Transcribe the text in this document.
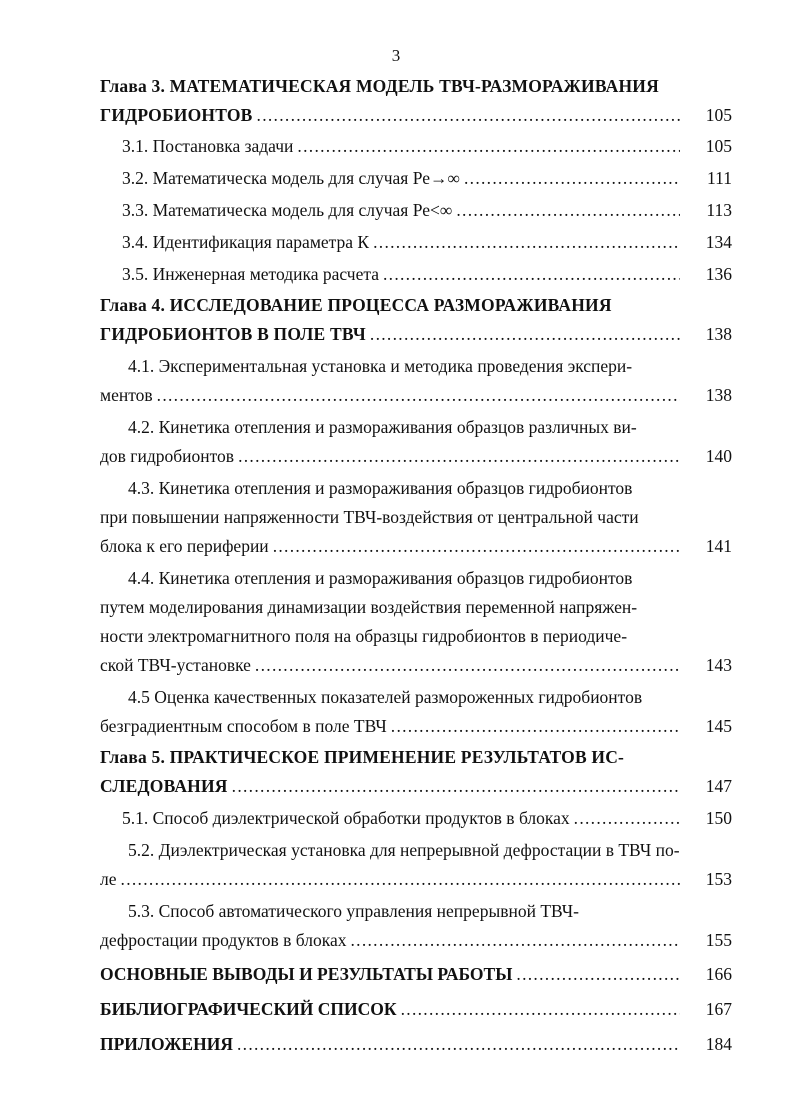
3
Глава 3. МАТЕМАТИЧЕСКАЯ МОДЕЛЬ ТВЧ-РАЗМОРАЖИВАНИЯ
ГИДРОБИОНТОВ .....	105
3.1. Постановка задачи .....	105
3.2. Математическа модель для случая Ре→∞ .....	111
3.3. Математическа модель для случая Ре<∞ .....	113
3.4. Идентификация параметра К .....	134
3.5. Инженерная методика расчета .....	136
Глава 4. ИССЛЕДОВАНИЕ ПРОЦЕССА РАЗМОРАЖИВАНИЯ
ГИДРОБИОНТОВ В ПОЛЕ ТВЧ .....	138
4.1. Экспериментальная установка и методика проведения экспери-
ментов .....	138
4.2. Кинетика отепления и размораживания образцов различных ви-
дов гидробионтов .....	140
4.3. Кинетика отепления и размораживания образцов гидробионтов
при повышении напряженности ТВЧ-воздействия от центральной части
блока к его периферии .....	141
4.4. Кинетика отепления и размораживания образцов гидробионтов
путем моделирования динамизации воздействия переменной напряжен-
ности электромагнитного поля на образцы гидробионтов в периодиче-
ской ТВЧ-установке .....	143
4.5 Оценка качественных показателей размороженных гидробионтов
безградиентным способом в поле ТВЧ .....	145
Глава 5. ПРАКТИЧЕСКОЕ ПРИМЕНЕНИЕ РЕЗУЛЬТАТОВ ИС-
СЛЕДОВАНИЯ .....	147
5.1. Способ диэлектрической обработки продуктов в блоках .....	150
5.2. Диэлектрическая установка для непрерывной дефростации в ТВЧ по-
ле .....	153
5.3. Способ автоматического управления непрерывной ТВЧ-
дефростации продуктов в блоках .....	155
ОСНОВНЫЕ ВЫВОДЫ И РЕЗУЛЬТАТЫ РАБОТЫ .....	166
БИБЛИОГРАФИЧЕСКИЙ СПИСОК .....	167
ПРИЛОЖЕНИЯ .....	184
